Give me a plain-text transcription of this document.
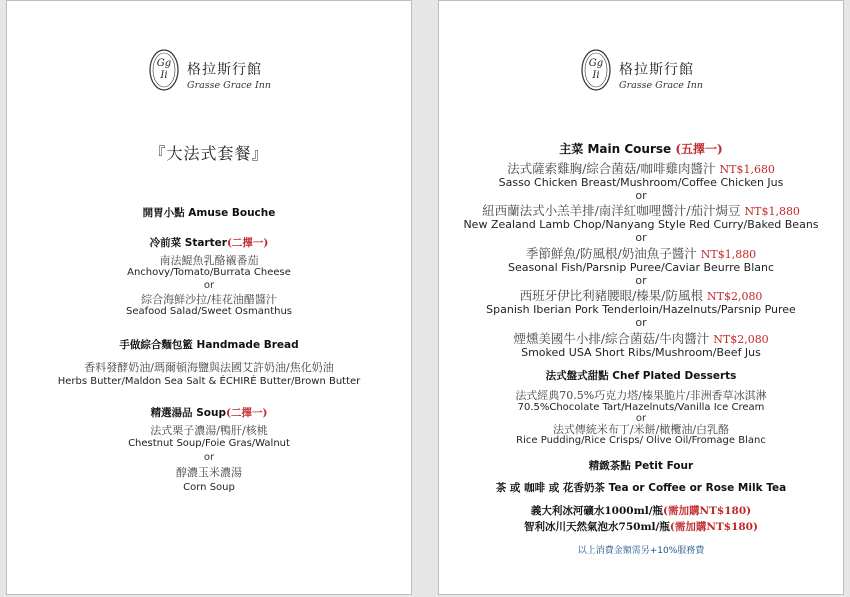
Gg
Ii 格拉斯行館
Grasse Grace Inn
『大法式套餐』
開胃小點 Amuse Bouche
冷前菜 Starter(二擇一)
南法鯷魚乳酪襯番茄
Anchovy/Tomato/Burrata Cheese
or
綜合海鮮沙拉/桂花油醋醬汁
Seafood Salad/Sweet Osmanthus
手做綜合麵包籃 Handmade Bread
香料發酵奶油/瑪爾頓海鹽與法國艾許奶油/焦化奶油
Herbs Butter/Maldon Sea Salt & ÉCHIRÉ Butter/Brown Butter
精選湯品 Soup(二擇一)
法式栗子濃湯/鴨肝/核桃
Chestnut Soup/Foie Gras/Walnut
or
醇濃玉米濃湯
Corn Soup
Gg
Ii 格拉斯行館
Grasse Grace Inn
主菜 Main Course (五擇一)
法式薩索雞胸/綜合菌菇/咖啡雞肉醬汁 NT$1,680
Sasso Chicken Breast/Mushroom/Coffee Chicken Jus
or
紐西蘭法式小羔羊排/南洋紅咖哩醬汁/茄汁焗豆 NT$1,880
New Zealand Lamb Chop/Nanyang Style Red Curry/Baked Beans
or
季節鮮魚/防風根/奶油魚子醬汁 NT$1,880
Seasonal Fish/Parsnip Puree/Caviar Beurre Blanc
or
西班牙伊比利豬腰眼/榛果/防風根 NT$2,080
Spanish Iberian Pork Tenderloin/Hazelnuts/Parsnip Puree
or
煙燻美國牛小排/綜合菌菇/牛肉醬汁 NT$2,080
Smoked USA Short Ribs/Mushroom/Beef Jus
法式盤式甜點 Chef Plated Desserts
法式經典70.5%巧克力塔/榛果脆片/非洲香草冰淇淋
70.5%Chocolate Tart/Hazelnuts/Vanilla Ice Cream
or
法式傳統米布丁/米餅/橄欖油/白乳酪
Rice Pudding/Rice Crisps/ Olive Oil/Fromage Blanc
精緻茶點 Petit Four
茶 或 咖啡 或 花香奶茶 Tea or Coffee or Rose Milk Tea
義大利冰河礦水1000ml/瓶(需加購NT$180)
智利冰川天然氣泡水750ml/瓶(需加購NT$180)
以上消費金額需另+10%服務費
